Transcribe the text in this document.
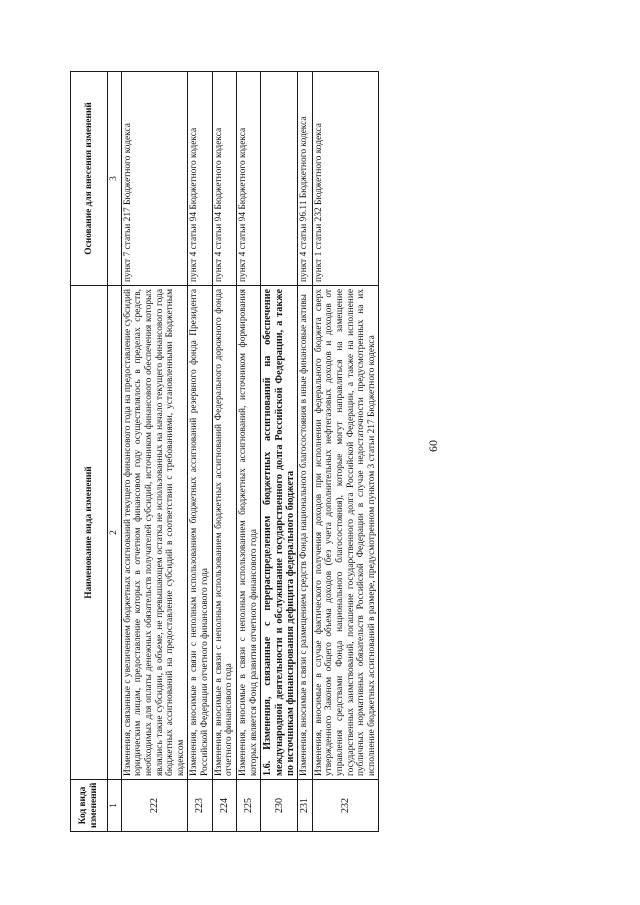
60
Код вида изменений	Наименование вида изменений	Основание для внесения изменений
1	2	3
222	Изменения, связанные с увеличением бюджетных ассигнований текущего финансового года на предоставление субсидий юридическим лицам, предоставление которых в отчетном финансовом году осуществлялось в пределах средств, необходимых для оплаты денежных обязательств получателей субсидий, источником финансового обеспечения которых являлись такие субсидии, в объеме, не превышающем остатка не использованных на начало текущего финансового года бюджетных ассигнований на предоставление субсидий в соответствии с требованиями, установленными Бюджетным кодексом	пункт 7 статьи 217 Бюджетного кодекса
223	Изменения, вносимые в связи с неполным использованием бюджетных ассигнований резервного фонда Президента Российской Федерации отчетного финансового года	пункт 4 статьи 94 Бюджетного кодекса
224	Изменения, вносимые в связи с неполным использованием бюджетных ассигнований Федерального дорожного фонда отчетного финансового года	пункт 4 статьи 94 Бюджетного кодекса
225	Изменения, вносимые в связи с неполным использованием бюджетных ассигнований, источником формирования которых является Фонд развития отчетного финансового года	пункт 4 статьи 94 Бюджетного кодекса
230	1.6. Изменения, связанные с перераспределением бюджетных ассигнований на обеспечение международной деятельности и обслуживание государственного долга Российской Федерации, а также по источникам финансирования дефицита федерального бюджета	
231	Изменения, вносимые в связи с размещением средств Фонда национального благосостояния в иные финансовые активы	пункт 4 статьи 96.11 Бюджетного кодекса
232	Изменения, вносимые в случае фактического получения доходов при исполнении федерального бюджета сверх утвержденного Законом общего объема доходов (без учета дополнительных нефтегазовых доходов и доходов от управления средствами Фонда национального благосостояния), которые могут направляться на замещение государственных заимствований, погашение государственного долга Российской Федерации, а также на исполнение публичных нормативных обязательств Российской Федерации в случае недостаточности предусмотренных на их исполнение бюджетных ассигнований в размере, предусмотренном пунктом 3 статьи 217 Бюджетного кодекса	пункт 1 статьи 232 Бюджетного кодекса
